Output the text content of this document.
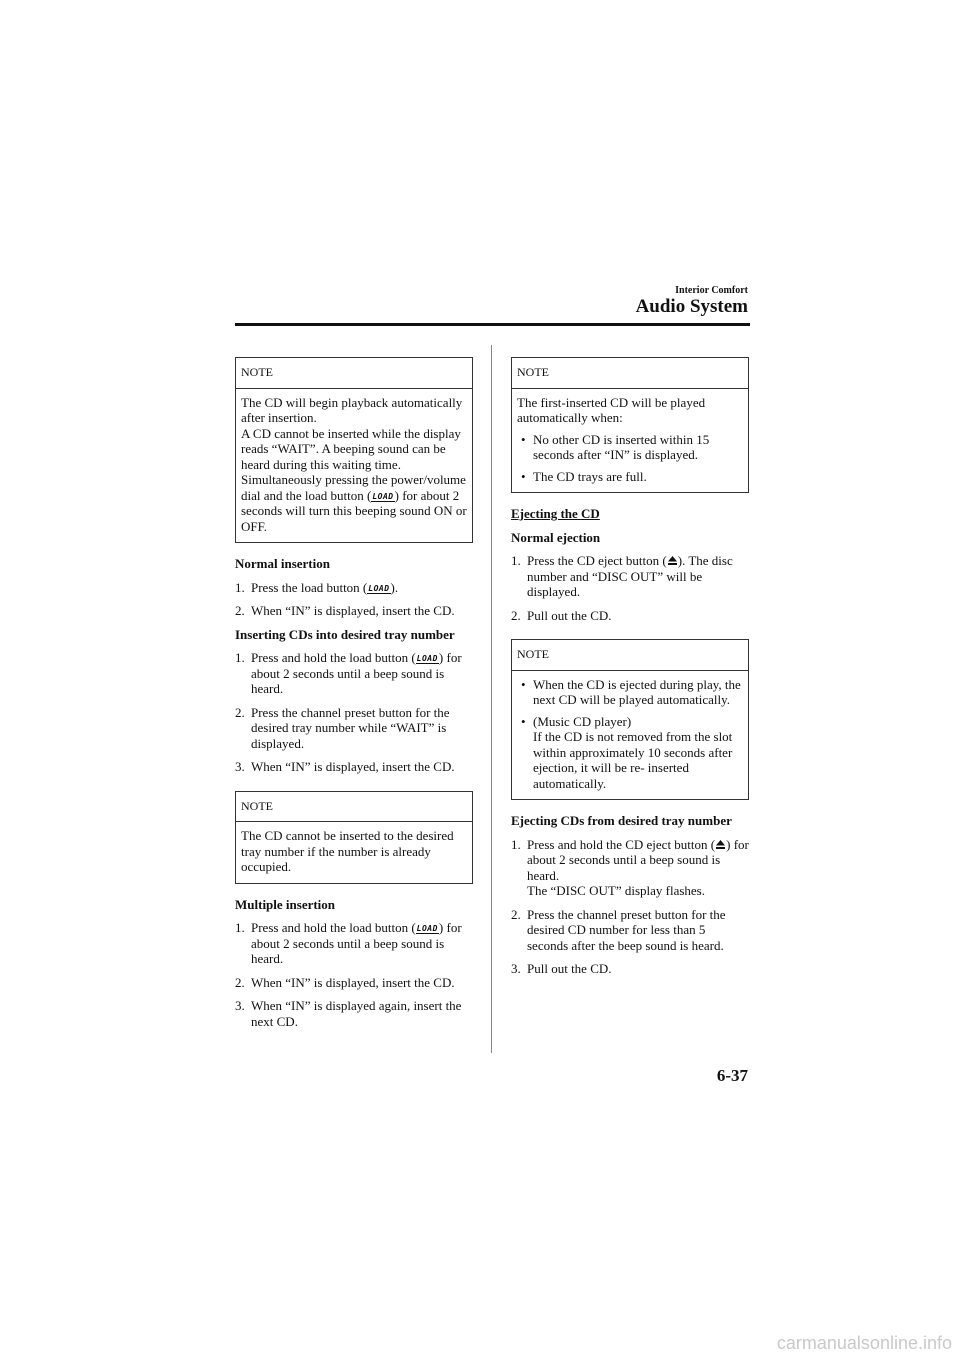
Interior Comfort
Audio System
NOTE

The CD will begin playback automatically after insertion.

A CD cannot be inserted while the display reads “WAIT”. A beeping sound can be heard during this waiting time. Simultaneously pressing the power/volume dial and the load button (LOAD) for about 2 seconds will turn this beeping sound ON or OFF.

Normal insertion
1. Press the load button (LOAD).
2. When “IN” is displayed, insert the CD.
Inserting CDs into desired tray number
1. Press and hold the load button (LOAD) for about 2 seconds until a beep sound is heard.
2. Press the channel preset button for the desired tray number while “WAIT” is displayed.
3. When “IN” is displayed, insert the CD.
NOTE

The CD cannot be inserted to the desired tray number if the number is already occupied.

Multiple insertion
1. Press and hold the load button (LOAD) for about 2 seconds until a beep sound is heard.
2. When “IN” is displayed, insert the CD.
3. When “IN” is displayed again, insert the next CD.
NOTE

The first-inserted CD will be played automatically when:

• No other CD is inserted within 15 seconds after “IN” is displayed.
• The CD trays are full.
Ejecting the CD
Normal ejection
1. Press the CD eject button ( ). The disc number and “DISC OUT” will be displayed.
2. Pull out the CD.
NOTE
• When the CD is ejected during play, the next CD will be played automatically.
• (Music CD player)
If the CD is not removed from the slot within approximately 10 seconds after ejection, it will be re- inserted automatically.
Ejecting CDs from desired tray number
1. Press and hold the CD eject button ( ) for about 2 seconds until a beep sound is heard.
The “DISC OUT” display flashes.
2. Press the channel preset button for the desired CD number for less than 5 seconds after the beep sound is heard.
3. Pull out the CD.
6-37
carmanualsonline.info
